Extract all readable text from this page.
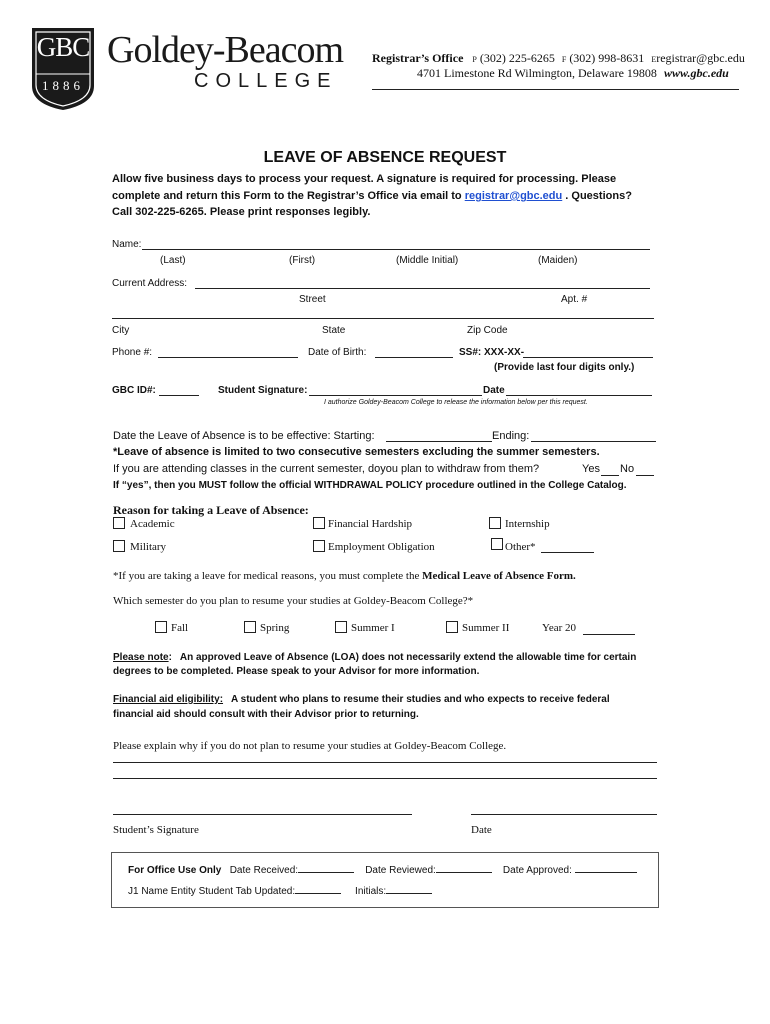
GBC
1886
Goldey-Beacom
COLLEGE
Registrar’s Office P (302) 225-6265 F (302) 998-8631 Eregistrar@gbc.edu
4701 Limestone Rd Wilmington, Delaware 19808 www.gbc.edu
LEAVE OF ABSENCE REQUEST
Allow five business days to process your request. A signature is required for processing. Please
complete and return this Form to the Registrar’s Office via email to registrar@gbc.edu . Questions?
Call 302-225-6265. Please print responses legibly.
Name:
(Last)	(First)	(Middle Initial)	(Maiden)
Current Address:
Street	Apt. #
City	State	Zip Code
Phone #:	Date of Birth:	SS#: XXX-XX-
(Provide last four digits only.)
GBC ID#:	Student Signature:	Date
I authorize Goldey-Beacom College to release the information below per this request.
Date the Leave of Absence is to be effective: Starting:	Ending:
*Leave of absence is limited to two consecutive semesters excluding the summer semesters.
If you are attending classes in the current semester, doyou plan to withdraw from them?	Yes No
If “yes”, then you MUST follow the official WITHDRAWAL POLICY procedure outlined in the College Catalog.
Reason for taking a Leave of Absence:
Academic	Financial Hardship	Internship
Military	Employment Obligation	Other*
*If you are taking a leave for medical reasons, you must complete the Medical Leave of Absence Form.
Which semester do you plan to resume your studies at Goldey-Beacom College?*
Fall	Spring	Summer I	Summer II	Year 20
Please note:   An approved Leave of Absence (LOA) does not necessarily extend the allowable time for certain
degrees to be completed. Please speak to your Advisor for more information.
Financial aid eligibility: A student who plans to resume their studies and who expects to receive federal
financial aid should consult with their Advisor prior to returning.
Please explain why if you do not plan to resume your studies at Goldey-Beacom College.
Student’s Signature	Date
For Office Use Only Date Received:	Date Reviewed:	Date Approved:
J1 Name Entity Student Tab Updated:	Initials:
